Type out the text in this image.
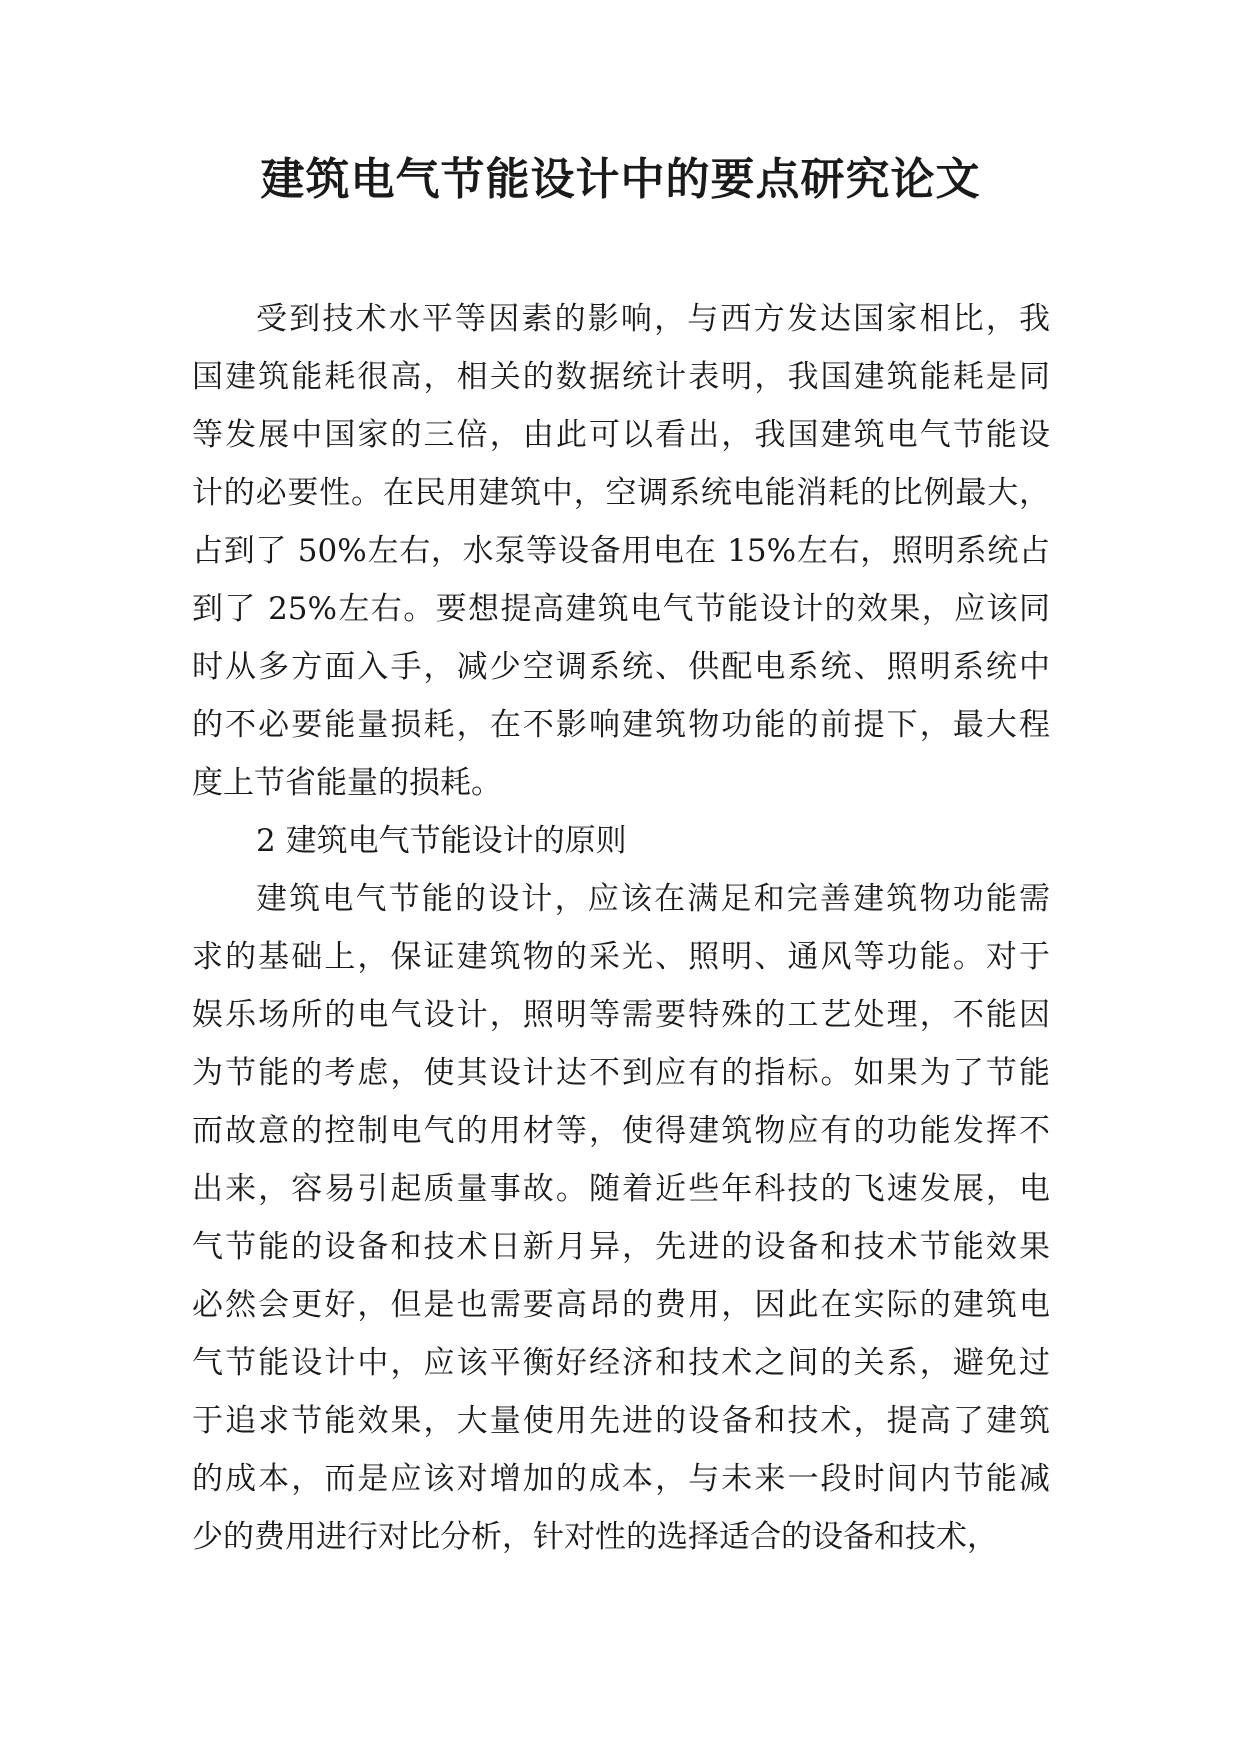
建筑电气节能设计中的要点研究论文
受到技术水平等因素的影响，与西方发达国家相比，我
国建筑能耗很高，相关的数据统计表明，我国建筑能耗是同
等发展中国家的三倍，由此可以看出，我国建筑电气节能设
计的必要性。在民用建筑中，空调系统电能消耗的比例最大，
占到了 50%左右，水泵等设备用电在 15%左右，照明系统占
到了 25%左右。要想提高建筑电气节能设计的效果，应该同
时从多方面入手，减少空调系统、供配电系统、照明系统中
的不必要能量损耗，在不影响建筑物功能的前提下，最大程
度上节省能量的损耗。
2 建筑电气节能设计的原则
建筑电气节能的设计，应该在满足和完善建筑物功能需
求的基础上，保证建筑物的采光、照明、通风等功能。对于
娱乐场所的电气设计，照明等需要特殊的工艺处理，不能因
为节能的考虑，使其设计达不到应有的指标。如果为了节能
而故意的控制电气的用材等，使得建筑物应有的功能发挥不
出来，容易引起质量事故。随着近些年科技的飞速发展，电
气节能的设备和技术日新月异，先进的设备和技术节能效果
必然会更好，但是也需要高昂的费用，因此在实际的建筑电
气节能设计中，应该平衡好经济和技术之间的关系，避免过
于追求节能效果，大量使用先进的设备和技术，提高了建筑
的成本，而是应该对增加的成本，与未来一段时间内节能减
少的费用进行对比分析，针对性的选择适合的设备和技术，
